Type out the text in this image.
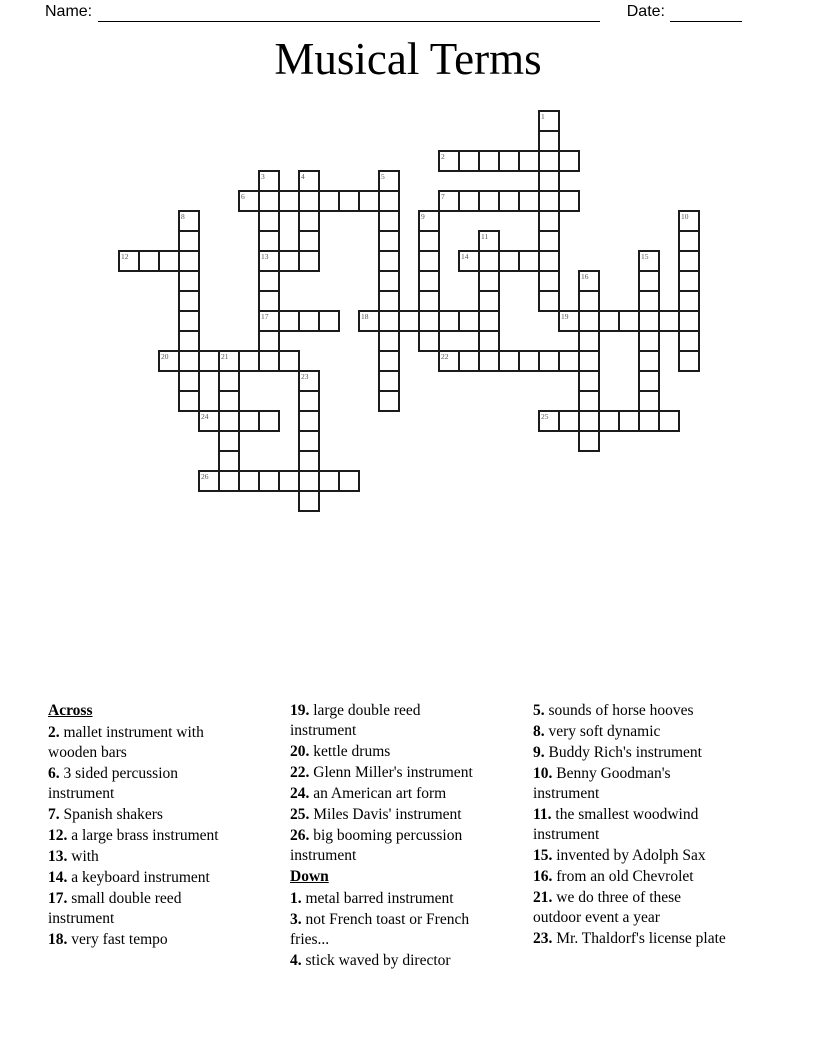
Name:	Date:
Musical Terms
1
2
3
13
17
4	5
6	7
8	9	10
11
12	14	15
16
18	19
20	21	22
23
24	25
26
Across
2. mallet instrument with
wooden bars
6. 3 sided percussion
instrument
7. Spanish shakers
12. a large brass instrument
13. with
14. a keyboard instrument
17. small double reed
instrument
18. very fast tempo
19. large double reed
instrument
20. kettle drums
22. Glenn Miller's instrument
24. an American art form
25. Miles Davis' instrument
26. big booming percussion
instrument
Down
1. metal barred instrument
3. not French toast or French
fries...
4. stick waved by director
5. sounds of horse hooves
8. very soft dynamic
9. Buddy Rich's instrument
10. Benny Goodman's
instrument
11. the smallest woodwind
instrument
15. invented by Adolph Sax
16. from an old Chevrolet
21. we do three of these
outdoor event a year
23. Mr. Thaldorf's license plate
